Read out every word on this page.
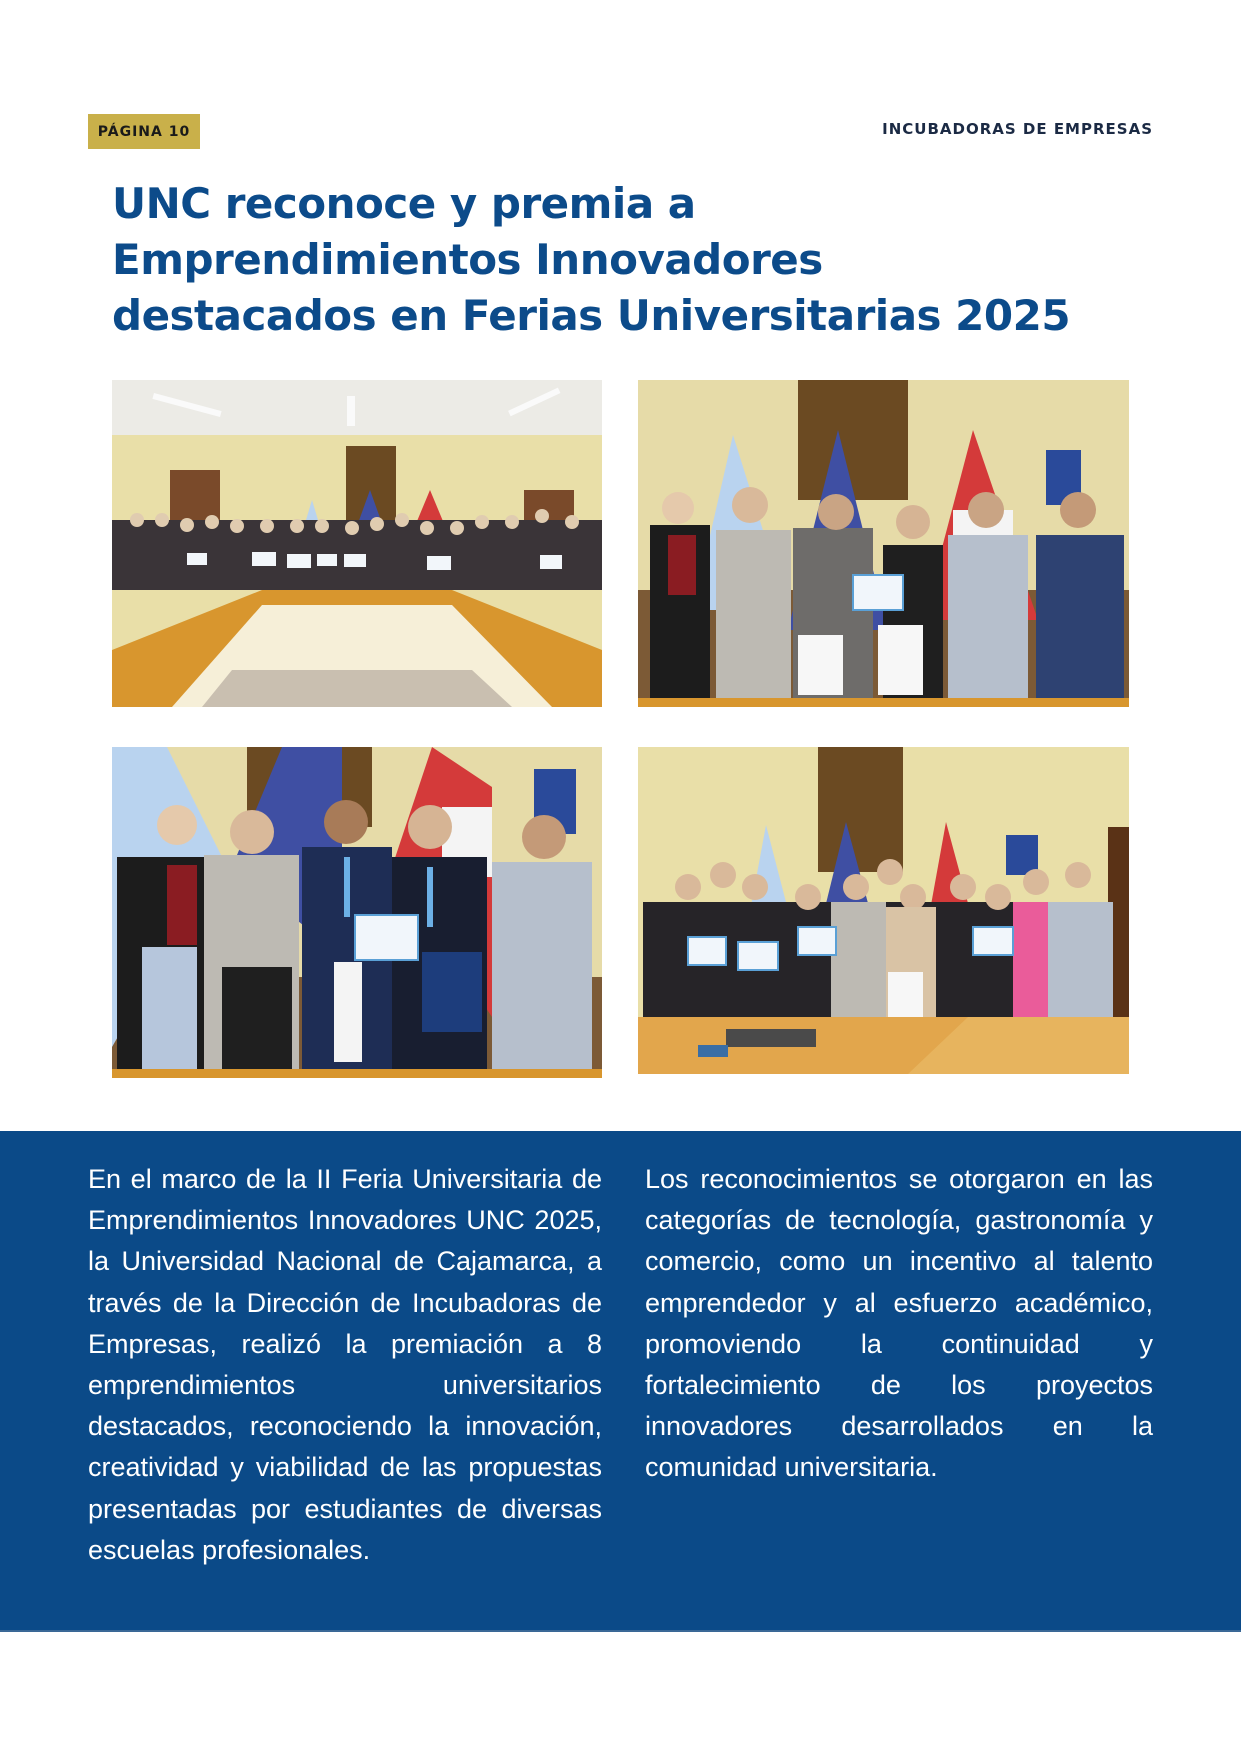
PÁGINA 10	INCUBADORAS DE EMPRESAS
UNC reconoce y premia a Emprendimientos Innovadores destacados en Ferias Universitarias 2025

En el marco de la II Feria Universitaria de Emprendimientos Innovadores UNC 2025, la Universidad Nacional de Cajamarca, a través de la Dirección de Incubadoras de Empresas, realizó la premiación a 8 emprendimientos universitarios destacados, reconociendo la innovación, creatividad y viabilidad de las propuestas presentadas por estudiantes de diversas escuelas profesionales.

Los reconocimientos se otorgaron en las categorías de tecnología, gastronomía y comercio, como un incentivo al talento emprendedor y al esfuerzo académico, promoviendo la continuidad y fortalecimiento de los proyectos innovadores desarrollados en la comunidad universitaria.
